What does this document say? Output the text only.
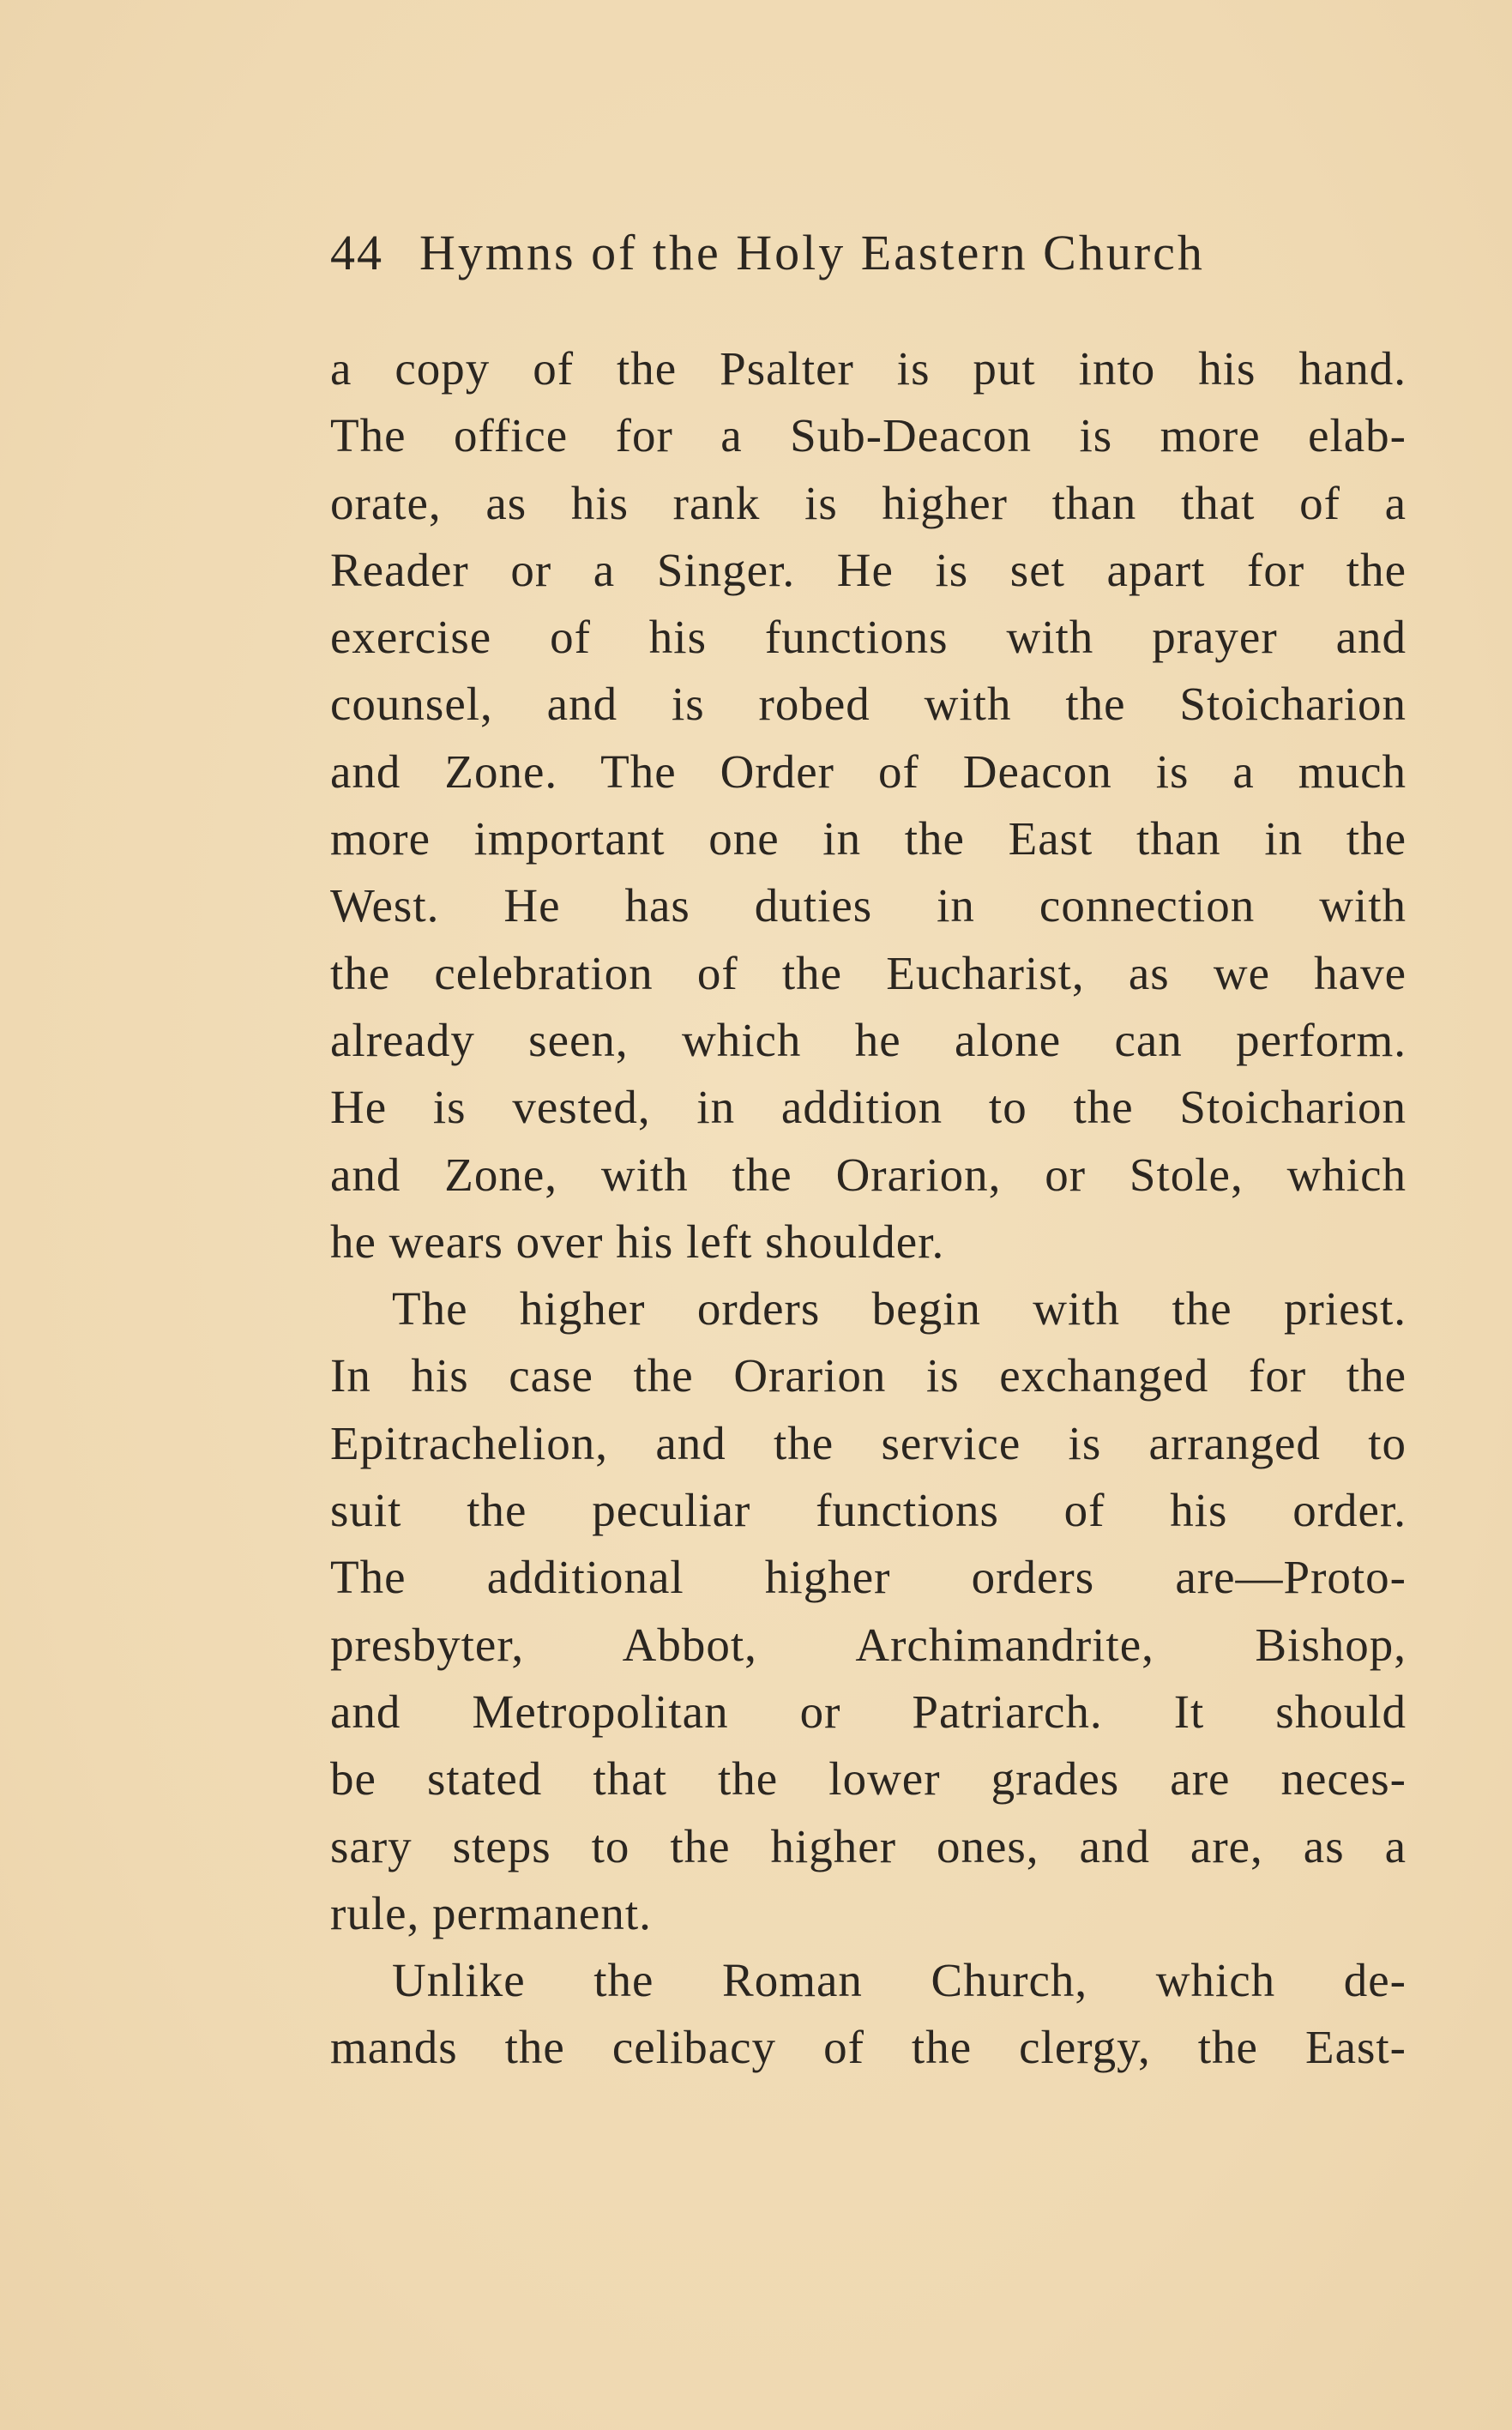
44 Hymns of the Holy Eastern Church
a copy of the Psalter is put into his hand.
The office for a Sub-Deacon is more elab-
orate, as his rank is higher than that of a
Reader or a Singer. He is set apart for the
exercise of his functions with prayer and
counsel, and is robed with the Stoicharion
and Zone. The Order of Deacon is a much
more important one in the East than in the
West. He has duties in connection with
the celebration of the Eucharist, as we have
already seen, which he alone can perform.
He is vested, in addition to the Stoicharion
and Zone, with the Orarion, or Stole, which
he wears over his left shoulder.
The higher orders begin with the priest.
In his case the Orarion is exchanged for the
Epitrachelion, and the service is arranged to
suit the peculiar functions of his order.
The additional higher orders are—Proto-
presbyter, Abbot, Archimandrite, Bishop,
and Metropolitan or Patriarch. It should
be stated that the lower grades are neces-
sary steps to the higher ones, and are, as a
rule, permanent.
Unlike the Roman Church, which de-
mands the celibacy of the clergy, the East-
